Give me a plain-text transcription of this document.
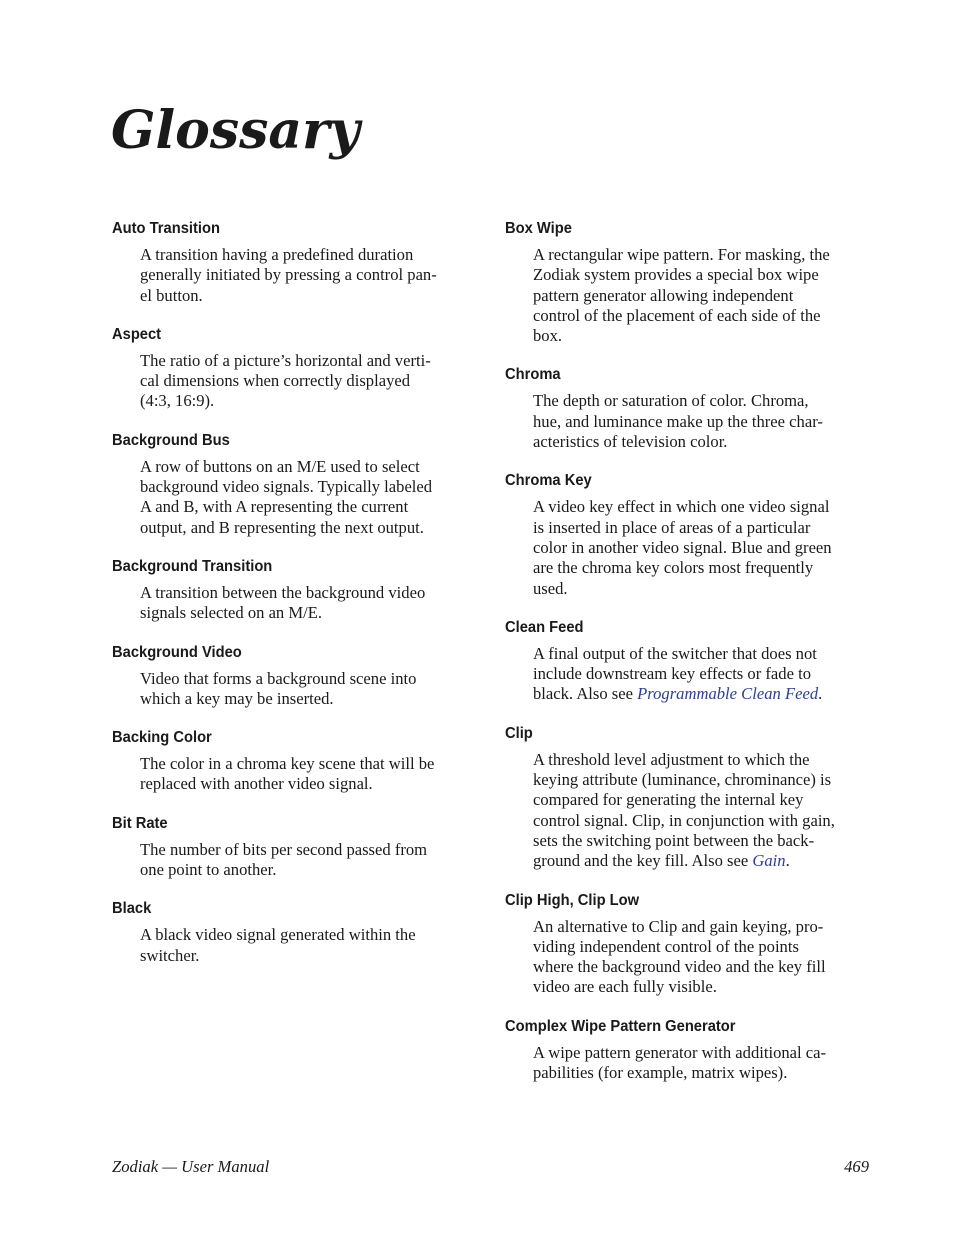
Glossary
Auto Transition
A transition having a predefined duration
generally initiated by pressing a control pan-
el button.
Aspect
The ratio of a picture’s horizontal and verti-
cal dimensions when correctly displayed
(4:3, 16:9).
Background Bus
A row of buttons on an M/E used to select
background video signals. Typically labeled
A and B, with A representing the current
output, and B representing the next output.
Background Transition
A transition between the background video
signals selected on an M/E.
Background Video
Video that forms a background scene into
which a key may be inserted.
Backing Color
The color in a chroma key scene that will be
replaced with another video signal.
Bit Rate
The number of bits per second passed from
one point to another.
Black
A black video signal generated within the
switcher.
Box Wipe
A rectangular wipe pattern. For masking, the
Zodiak system provides a special box wipe
pattern generator allowing independent
control of the placement of each side of the
box.
Chroma
The depth or saturation of color. Chroma,
hue, and luminance make up the three char-
acteristics of television color.
Chroma Key
A video key effect in which one video signal
is inserted in place of areas of a particular
color in another video signal. Blue and green
are the chroma key colors most frequently
used.
Clean Feed
A final output of the switcher that does not
include downstream key effects or fade to
black. Also see Programmable Clean Feed.
Clip
A threshold level adjustment to which the
keying attribute (luminance, chrominance) is
compared for generating the internal key
control signal. Clip, in conjunction with gain,
sets the switching point between the back-
ground and the key fill. Also see Gain.
Clip High, Clip Low
An alternative to Clip and gain keying, pro-
viding independent control of the points
where the background video and the key fill
video are each fully visible.
Complex Wipe Pattern Generator
A wipe pattern generator with additional ca-
pabilities (for example, matrix wipes).
Zodiak — User Manual	469
